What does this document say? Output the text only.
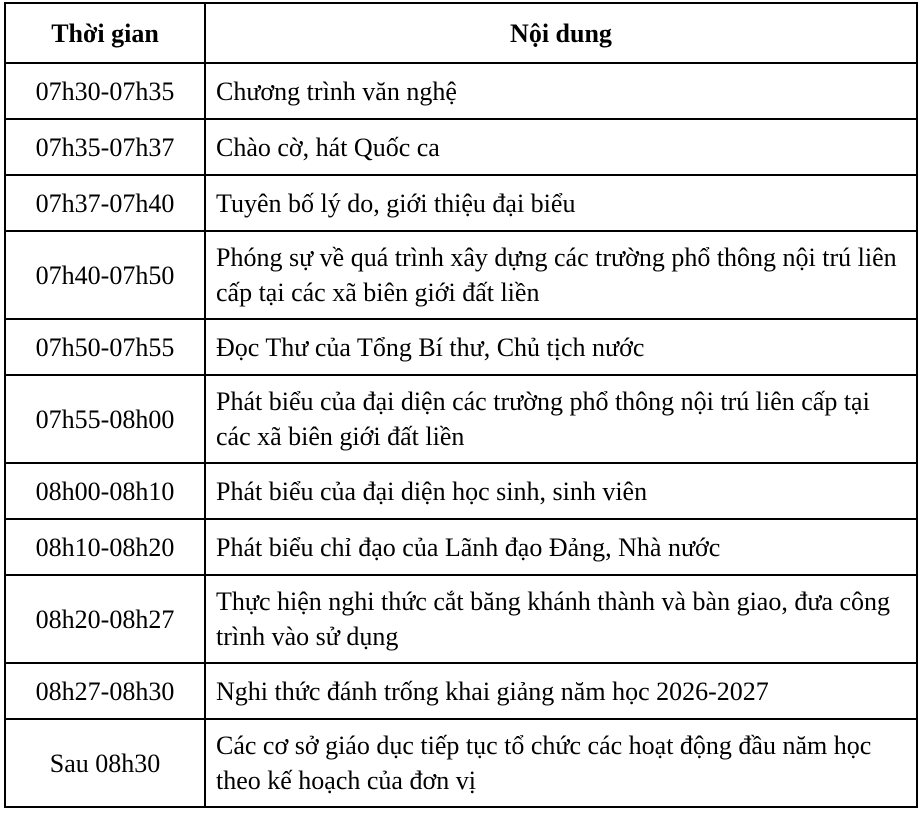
Thời gian	Nội dung
07h30-07h35	Chương trình văn nghệ
07h35-07h37	Chào cờ, hát Quốc ca
07h37-07h40	Tuyên bố lý do, giới thiệu đại biểu
07h40-07h50	Phóng sự về quá trình xây dựng các trường phổ thông nội trú liên cấp tại các xã biên giới đất liền
07h50-07h55	Đọc Thư của Tổng Bí thư, Chủ tịch nước
07h55-08h00	Phát biểu của đại diện các trường phổ thông nội trú liên cấp tại các xã biên giới đất liền
08h00-08h10	Phát biểu của đại diện học sinh, sinh viên
08h10-08h20	Phát biểu chỉ đạo của Lãnh đạo Đảng, Nhà nước
08h20-08h27	Thực hiện nghi thức cắt băng khánh thành và bàn giao, đưa công trình vào sử dụng
08h27-08h30	Nghi thức đánh trống khai giảng năm học 2026-2027
Sau 08h30	Các cơ sở giáo dục tiếp tục tổ chức các hoạt động đầu năm học theo kế hoạch của đơn vị
